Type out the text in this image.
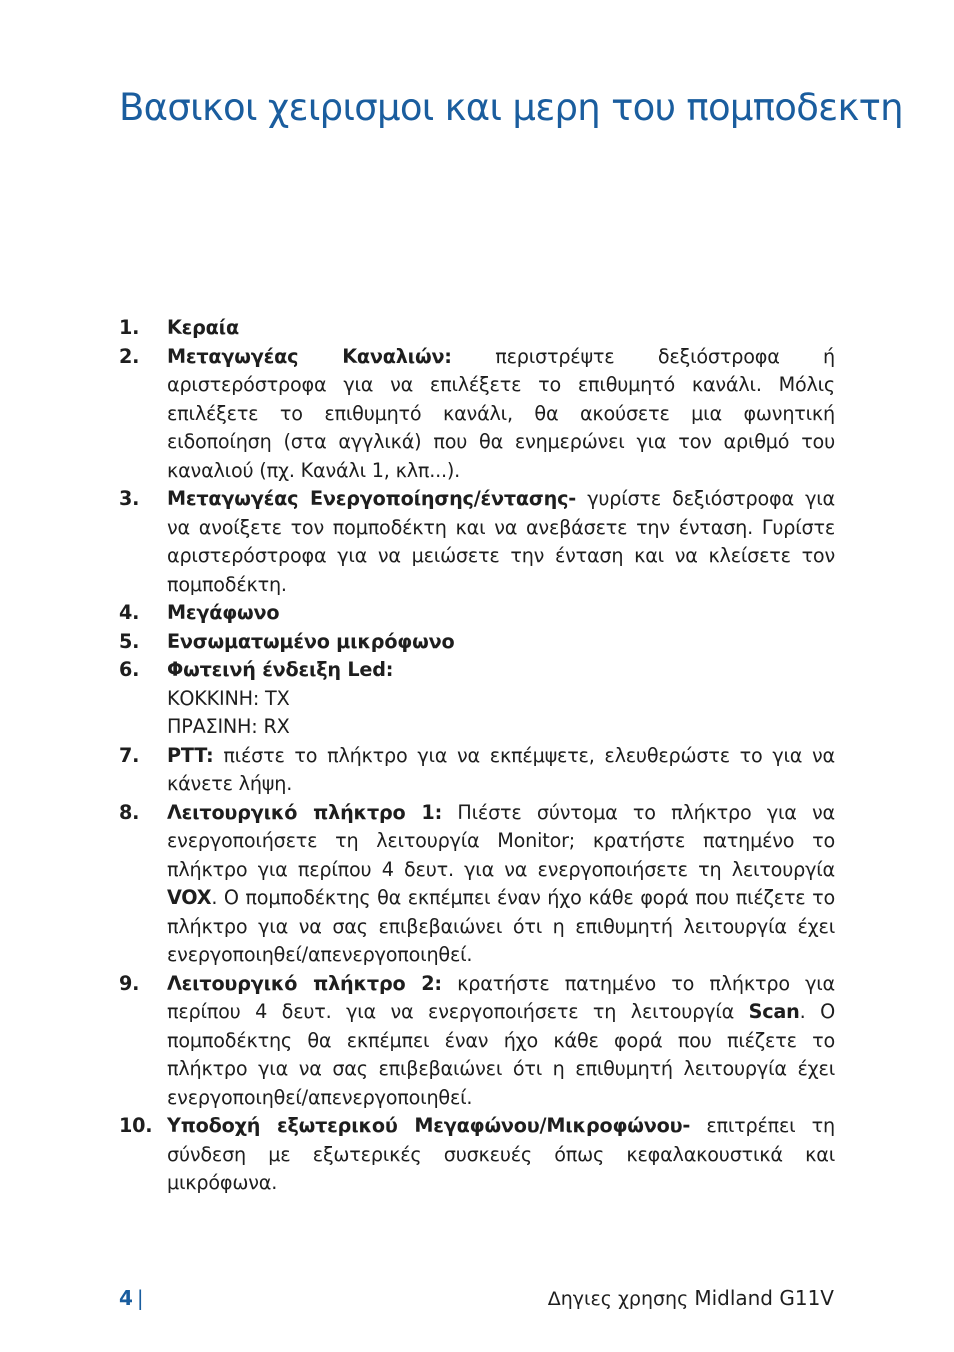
Βασικοι χειρισμοι και μερη του πομποδεκτη
1. Κεραία
2. Μεταγωγέας Καναλιών: περιστρέψτε δεξιόστροφα ή αριστερόστροφα για να επιλέξετε το επιθυμητό κανάλι. Μόλις επιλέξετε το επιθυμητό κανάλι, θα ακούσετε μια φωνητική ειδοποίηση (στα αγγλικά) που θα ενημερώνει για τον αριθμό του καναλιού (πχ. Κανάλι 1, κλπ...).
3. Μεταγωγέας Ενεργοποίησης/έντασης- γυρίστε δεξιόστροφα για να ανοίξετε τον πομποδέκτη και να ανεβάσετε την ένταση. Γυρίστε αριστερόστροφα για να μειώσετε την ένταση και να κλείσετε τον πομποδέκτη.
4. Μεγάφωνο
5. Ενσωματωμένο μικρόφωνο
6. Φωτεινή ένδειξη Led:
ΚΟΚΚΙΝΗ: TX
ΠΡΑΣΙΝΗ: RX
7. PTT: πιέστε το πλήκτρο για να εκπέμψετε, ελευθερώστε το για να κάνετε λήψη.
8. Λειτουργικό πλήκτρο 1: Πιέστε σύντομα το πλήκτρο για να ενεργοποιήσετε τη λειτουργία Monitor; κρατήστε πατημένο το πλήκτρο για περίπου 4 δευτ. για να ενεργοποιήσετε τη λειτουργία VOX. Ο πομποδέκτης θα εκπέμπει έναν ήχο κάθε φορά που πιέζετε το πλήκτρο για να σας επιβεβαιώνει ότι η επιθυμητή λειτουργία έχει ενεργοποιηθεί/απενεργοποιηθεί.
9. Λειτουργικό πλήκτρο 2: κρατήστε πατημένο το πλήκτρο για περίπου 4 δευτ. για να ενεργοποιήσετε τη λειτουργία Scan. Ο πομποδέκτης θα εκπέμπει έναν ήχο κάθε φορά που πιέζετε το πλήκτρο για να σας επιβεβαιώνει ότι η επιθυμητή λειτουργία έχει ενεργοποιηθεί/απενεργοποιηθεί.
10. Υποδοχή εξωτερικού Μεγαφώνου/Μικροφώνου- επιτρέπει τη σύνδεση με εξωτερικές συσκευές όπως κεφαλακουστικά και μικρόφωνα.
4 |	Δηγιες χρησης Midland G11V
